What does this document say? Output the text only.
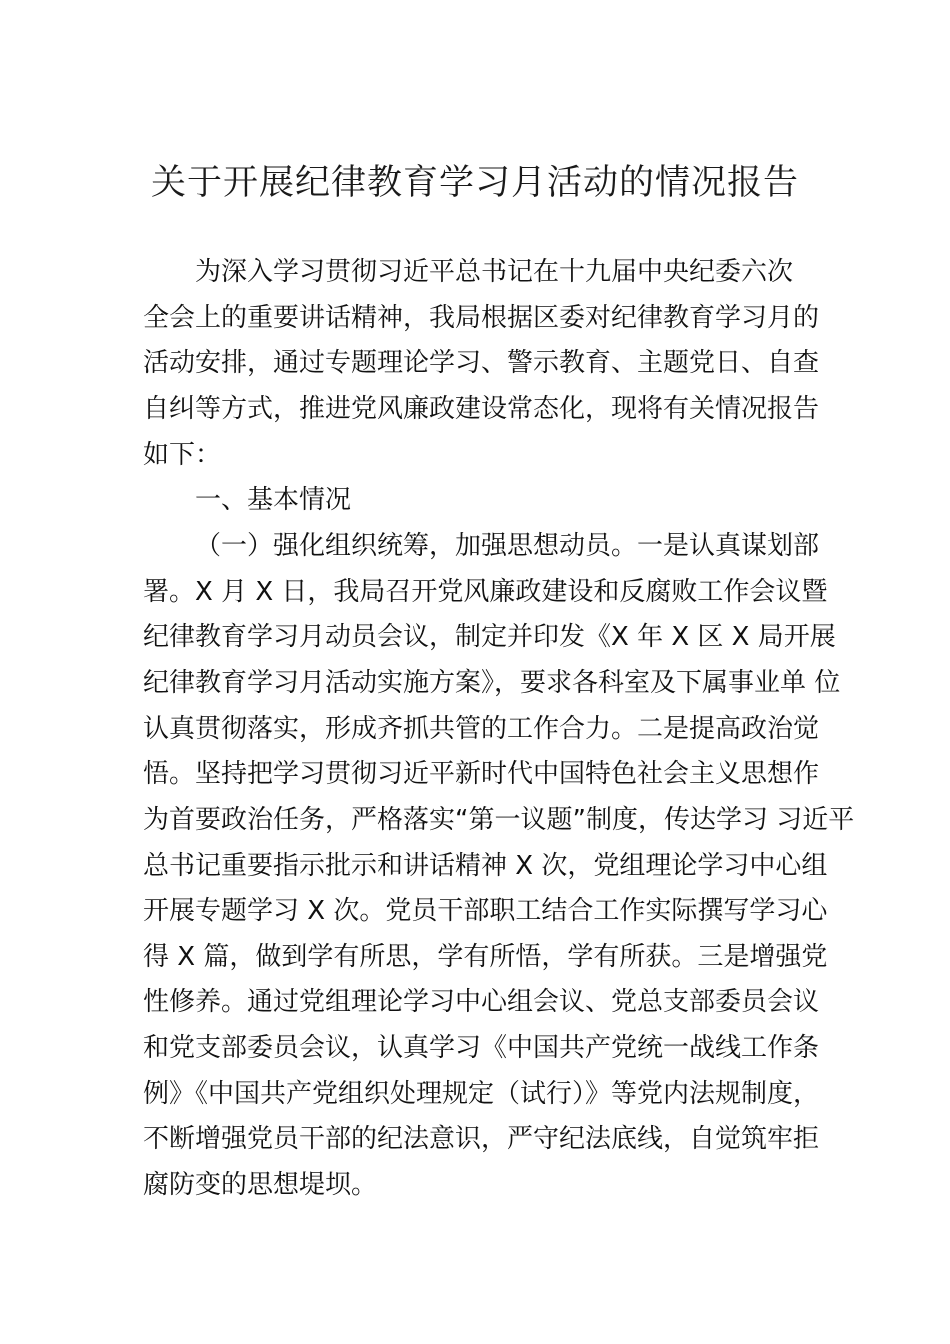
关于开展纪律教育学习月活动的情况报告

为深入学习贯彻习近平总书记在十九届中央纪委六次

全会上的重要讲话精神，我局根据区委对纪律教育学习月的

活动安排，通过专题理论学习、警示教育、主题党日、自查

自纠等方式，推进党风廉政建设常态化，现将有关情况报告

如下：

一、基本情况

（一）强化组织统筹，加强思想动员。一是认真谋划部

署。X 月 X 日，我局召开党风廉政建设和反腐败工作会议暨

纪律教育学习月动员会议，制定并印发《X 年 X 区 X 局开展

纪律教育学习月活动实施方案》，要求各科室及下属事业单 位

认真贯彻落实，形成齐抓共管的工作合力。二是提高政治觉

悟。坚持把学习贯彻习近平新时代中国特色社会主义思想作

为首要政治任务，严格落实“第一议题”制度，传达学习 习近平

总书记重要指示批示和讲话精神 X 次，党组理论学习中心组

开展专题学习 X 次。党员干部职工结合工作实际撰写学习心

得 X 篇，做到学有所思，学有所悟，学有所获。三是增强党

性修养。通过党组理论学习中心组会议、党总支部委员会议

和党支部委员会议，认真学习《中国共产党统一战线工作条

例》《中国共产党组织处理规定（试行）》等党内法规制度，

不断增强党员干部的纪法意识，严守纪法底线，自觉筑牢拒

腐防变的思想堤坝。
